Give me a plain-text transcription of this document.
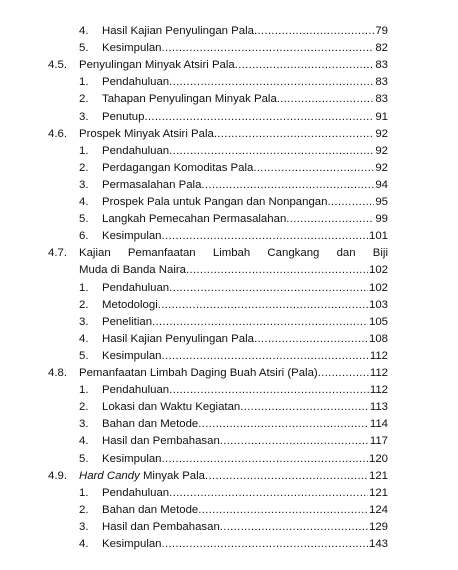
4. Hasil Kajian Penyulingan Pala .....	79
5. Kesimpulan .....	82
4.5. Penyulingan Minyak Atsiri Pala .....	83
1. Pendahuluan .....	83
2. Tahapan Penyulingan Minyak Pala .....	83
3. Penutup .....	91
4.6. Prospek Minyak Atsiri Pala .....	92
1. Pendahuluan .....	92
2. Perdagangan Komoditas Pala .....	92
3. Permasalahan Pala .....	94
4. Prospek Pala untuk Pangan dan Nonpangan .....	95
5. Langkah Pemecahan Permasalahan .....	99
6. Kesimpulan .....	101
4.7. Kajian Pemanfaatan Limbah Cangkang dan Biji
Muda di Banda Naira .....	102
1. Pendahuluan .....	102
2. Metodologi .....	103
3. Penelitian .....	105
4. Hasil Kajian Penyulingan Pala .....	108
5. Kesimpulan .....	112
4.8. Pemanfaatan Limbah Daging Buah Atsiri (Pala) .....	112
1. Pendahuluan .....	112
2. Lokasi dan Waktu Kegiatan .....	113
3. Bahan dan Metode .....	114
4. Hasil dan Pembahasan .....	117
5. Kesimpulan .....	120
4.9. Hard Candy Minyak Pala .....	121
1. Pendahuluan .....	121
2. Bahan dan Metode .....	124
3. Hasil dan Pembahasan .....	129
4. Kesimpulan .....	143
